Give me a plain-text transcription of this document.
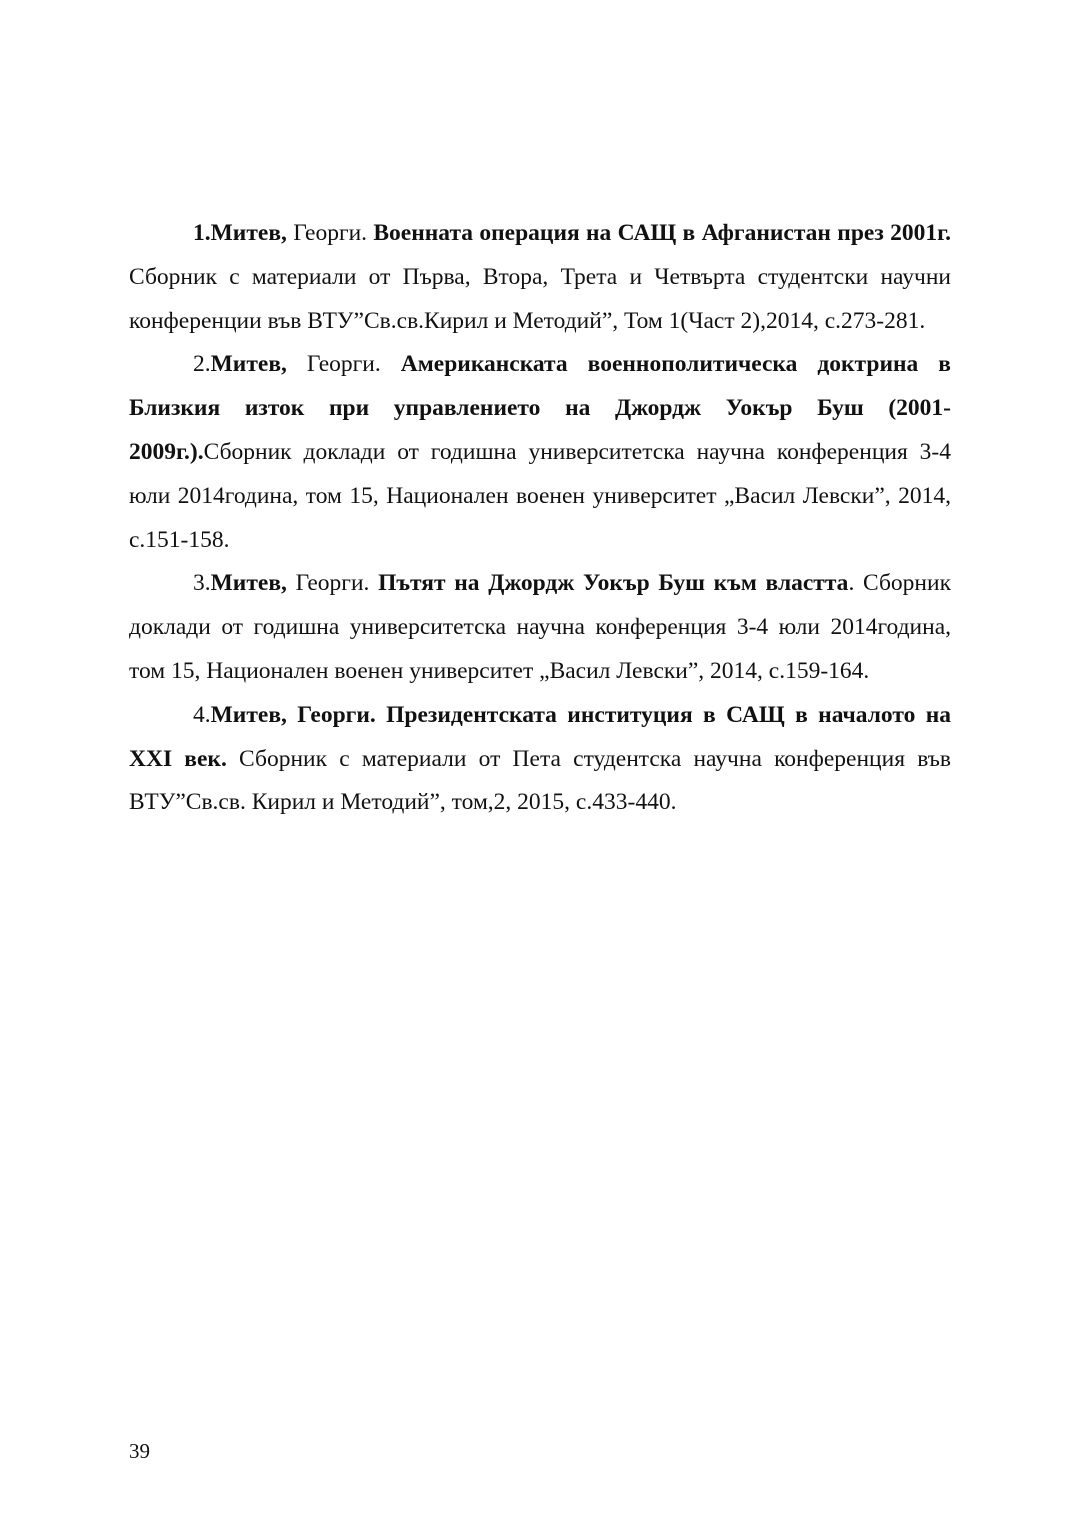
1.Митев, Георги. Военната операция на САЩ в Афганистан през 2001г. Сборник с материали от Първа, Втора, Трета и Четвърта студентски научни конференции във ВТУ”Св.св.Кирил и Методий”, Том 1(Част 2),2014, с.273-281.

2.Митев, Георги. Американската военнополитическа доктрина в Близкия изток при управлението на Джордж Уокър Буш (2001-2009г.).Сборник доклади от годишна университетска научна конференция 3-4 юли 2014година, том 15, Национален военен университет „Васил Левски”, 2014, с.151-158.

3.Митев, Георги. Пътят на Джордж Уокър Буш към властта. Сборник доклади от годишна университетска научна конференция 3-4 юли 2014година, том 15, Национален военен университет „Васил Левски”, 2014, с.159-164.

4.Митев, Георги. Президентската институция в САЩ в началото на XXI век. Сборник с материали от Пета студентска научна конференция във ВТУ”Св.св. Кирил и Методий”, том,2, 2015, с.433-440.

39
